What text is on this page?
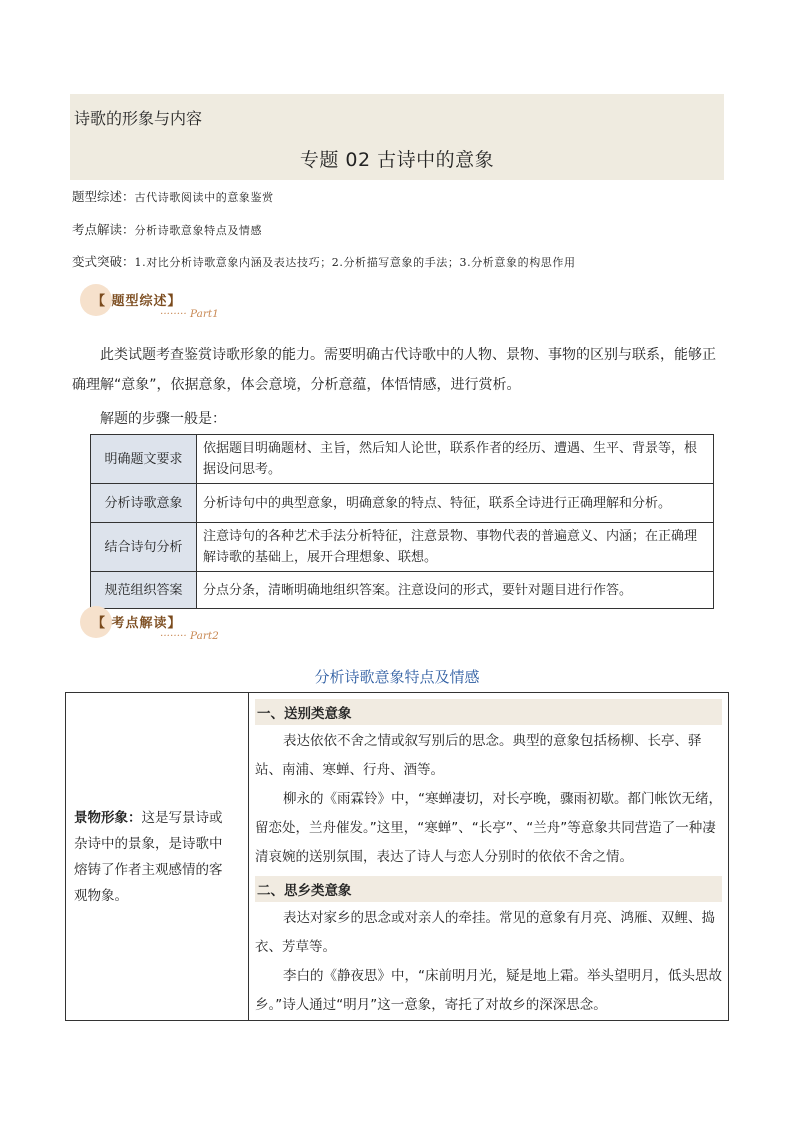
诗歌的形象与内容
专题 02 古诗中的意象
题型综述：古代诗歌阅读中的意象鉴赏
考点解读：分析诗歌意象特点及情感
变式突破：1.对比分析诗歌意象内涵及表达技巧；2.分析描写意象的手法；3.分析意象的构思作用
【 题型综述】
········ Part1
此类试题考查鉴赏诗歌形象的能力。需要明确古代诗歌中的人物、景物、事物的区别与联系，能够正确理解“意象”，依据意象，体会意境，分析意蕴，体悟情感，进行赏析。
解题的步骤一般是：
明确题文要求	依据题目明确题材、主旨，然后知人论世，联系作者的经历、遭遇、生平、背景等，根据设问思考。
分析诗歌意象	分析诗句中的典型意象，明确意象的特点、特征，联系全诗进行正确理解和分析。
结合诗句分析	注意诗句的各种艺术手法分析特征，注意景物、事物代表的普遍意义、内涵；在正确理解诗歌的基础上，展开合理想象、联想。
规范组织答案	分点分条，清晰明确地组织答案。注意设问的形式，要针对题目进行作答。
【 考点解读】
········ Part2
分析诗歌意象特点及情感
景物形象：这是写景诗或杂诗中的景象，是诗歌中熔铸了作者主观感情的客观物象。	
一、送别类意象

表达依依不舍之情或叙写别后的思念。典型的意象包括杨柳、长亭、驿站、南浦、寒蝉、行舟、酒等。

柳永的《雨霖铃》中，“寒蝉凄切，对长亭晚，骤雨初歇。都门帐饮无绪，留恋处，兰舟催发。”这里，“寒蝉”、“长亭”、“兰舟”等意象共同营造了一种凄清哀婉的送别氛围，表达了诗人与恋人分别时的依依不舍之情。

二、思乡类意象

表达对家乡的思念或对亲人的牵挂。常见的意象有月亮、鸿雁、双鲤、捣衣、芳草等。

李白的《静夜思》中，“床前明月光，疑是地上霜。举头望明月，低头思故乡。”诗人通过“明月”这一意象，寄托了对故乡的深深思念。
